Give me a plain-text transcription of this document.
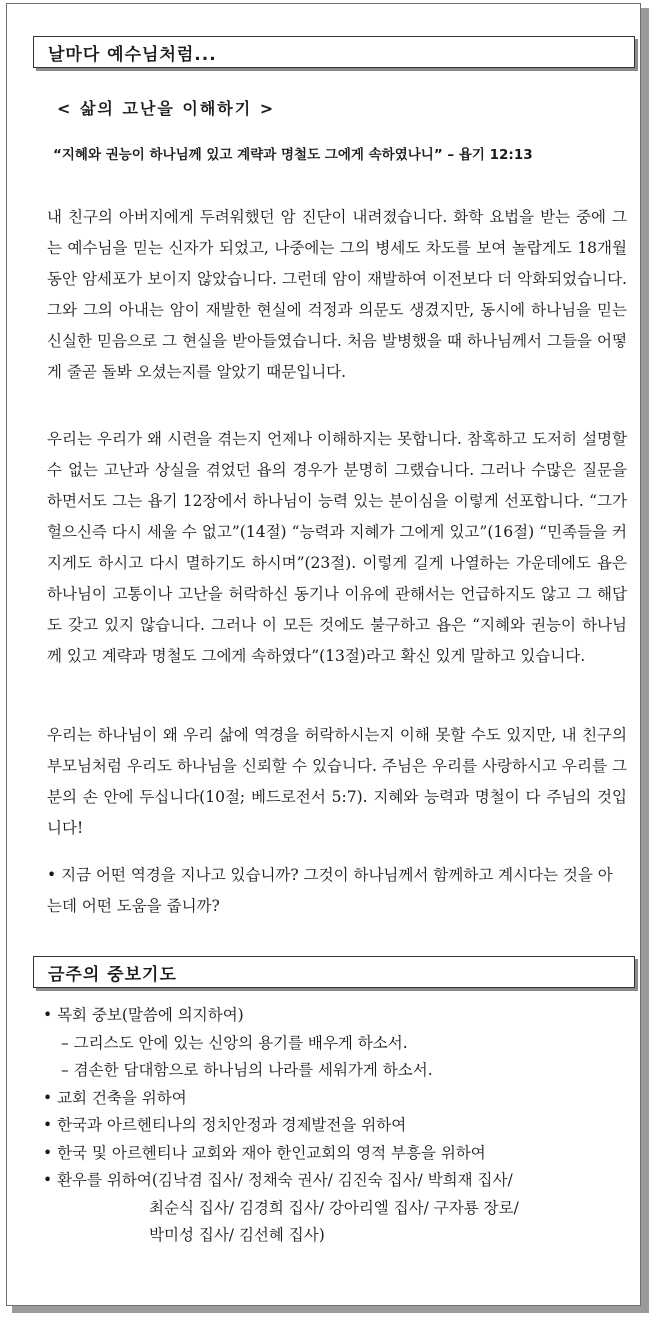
날마다 예수님처럼...
< 삶의 고난을 이해하기 >
“지혜와 권능이 하나님께 있고 계략과 명철도 그에게 속하였나니” – 욥기 12:13
내 친구의 아버지에게 두려워했던 암 진단이 내려졌습니다. 화학 요법을 받는 중에 그는 예수님을 믿는 신자가 되었고, 나중에는 그의 병세도 차도를 보여 놀랍게도 18개월 동안 암세포가 보이지 않았습니다. 그런데 암이 재발하여 이전보다 더 악화되었습니다. 그와 그의 아내는 암이 재발한 현실에 걱정과 의문도 생겼지만, 동시에 하나님을 믿는 신실한 믿음으로 그 현실을 받아들였습니다. 처음 발병했을 때 하나님께서 그들을 어떻게 줄곧 돌봐 오셨는지를 알았기 때문입니다.
우리는 우리가 왜 시련을 겪는지 언제나 이해하지는 못합니다. 참혹하고 도저히 설명할 수 없는 고난과 상실을 겪었던 욥의 경우가 분명히 그랬습니다. 그러나 수많은 질문을 하면서도 그는 욥기 12장에서 하나님이 능력 있는 분이심을 이렇게 선포합니다. “그가 헐으신즉 다시 세울 수 없고”(14절) “능력과 지혜가 그에게 있고”(16절) “민족들을 커지게도 하시고 다시 멸하기도 하시며”(23절). 이렇게 길게 나열하는 가운데에도 욥은 하나님이 고통이나 고난을 허락하신 동기나 이유에 관해서는 언급하지도 않고 그 해답도 갖고 있지 않습니다. 그러나 이 모든 것에도 불구하고 욥은 “지혜와 권능이 하나님께 있고 계략과 명철도 그에게 속하였다”(13절)라고 확신 있게 말하고 있습니다.
우리는 하나님이 왜 우리 삶에 역경을 허락하시는지 이해 못할 수도 있지만, 내 친구의 부모님처럼 우리도 하나님을 신뢰할 수 있습니다. 주님은 우리를 사랑하시고 우리를 그분의 손 안에 두십니다(10절; 베드로전서 5:7). 지혜와 능력과 명철이 다 주님의 것입니다!
• 지금 어떤 역경을 지나고 있습니까? 그것이 하나님께서 함께하고 계시다는 것을 아는데 어떤 도움을 줍니까?
금주의 중보기도
• 목회 중보(말씀에 의지하여)
– 그리스도 안에 있는 신앙의 용기를 배우게 하소서.
– 겸손한 담대함으로 하나님의 나라를 세워가게 하소서.
• 교회 건축을 위하여
• 한국과 아르헨티나의 정치안정과 경제발전을 위하여
• 한국 및 아르헨티나 교회와 재아 한인교회의 영적 부흥을 위하여
• 환우를 위하여(김낙겸 집사/ 정채숙 권사/ 김진숙 집사/ 박희재 집사/
최순식 집사/ 김경희 집사/ 강아리엘 집사/ 구자룡 장로/
박미성 집사/ 김선혜 집사)
